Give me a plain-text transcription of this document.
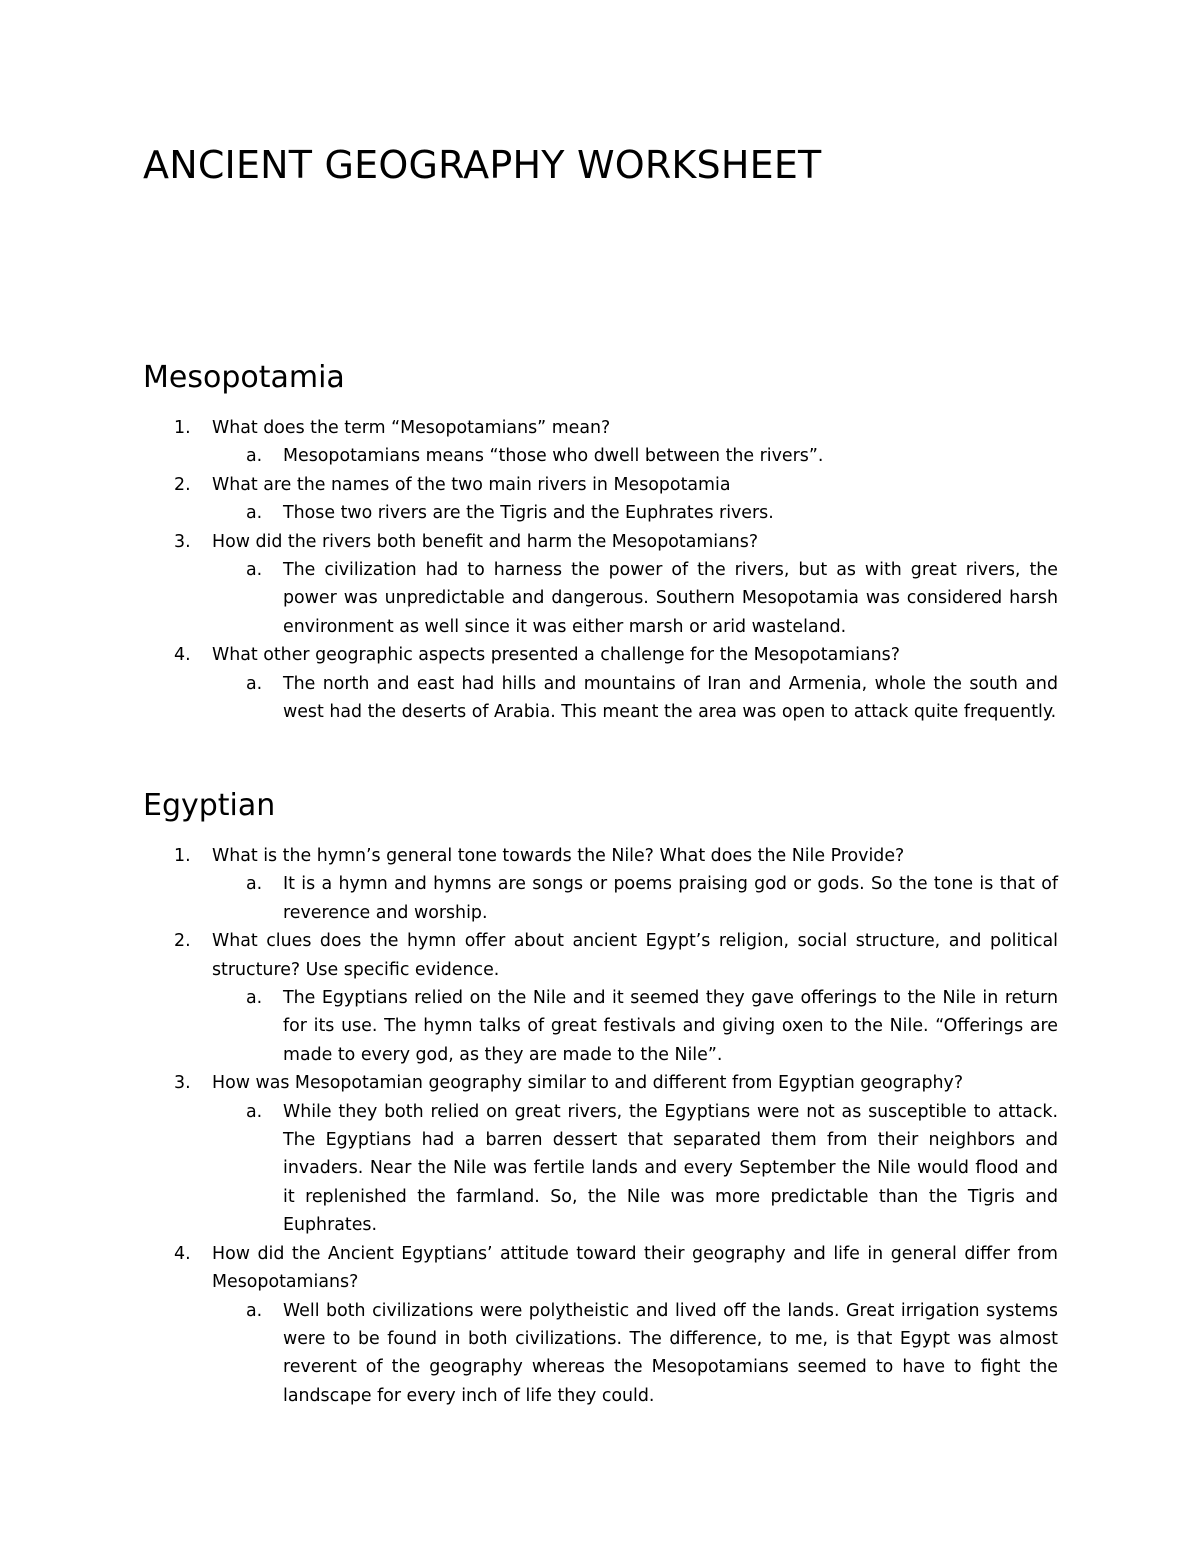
ANCIENT GEOGRAPHY WORKSHEET
Mesopotamia
1. What does the term “Mesopotamians” mean?
a. Mesopotamians means “those who dwell between the rivers”.
2. What are the names of the two main rivers in Mesopotamia
a. Those two rivers are the Tigris and the Euphrates rivers.
3. How did the rivers both benefit and harm the Mesopotamians?
a. The civilization had to harness the power of the rivers, but as with great rivers, the power was unpredictable and dangerous. Southern Mesopotamia was considered harsh environment as well since it was either marsh or arid wasteland.
4. What other geographic aspects presented a challenge for the Mesopotamians?
a. The north and east had hills and mountains of Iran and Armenia, whole the south and west had the deserts of Arabia. This meant the area was open to attack quite frequently.
Egyptian
1. What is the hymn’s general tone towards the Nile? What does the Nile Provide?
a. It is a hymn and hymns are songs or poems praising god or gods. So the tone is that of reverence and worship.
2. What clues does the hymn offer about ancient Egypt’s religion, social structure, and political structure? Use specific evidence.
a. The Egyptians relied on the Nile and it seemed they gave offerings to the Nile in return for its use. The hymn talks of great festivals and giving oxen to the Nile. “Offerings are made to every god, as they are made to the Nile”.
3. How was Mesopotamian geography similar to and different from Egyptian geography?
a. While they both relied on great rivers, the Egyptians were not as susceptible to attack. The Egyptians had a barren dessert that separated them from their neighbors and invaders. Near the Nile was fertile lands and every September the Nile would flood and it replenished the farmland. So, the Nile was more predictable than the Tigris and Euphrates.
4. How did the Ancient Egyptians’ attitude toward their geography and life in general differ from Mesopotamians?
a. Well both civilizations were polytheistic and lived off the lands. Great irrigation systems were to be found in both civilizations. The difference, to me, is that Egypt was almost reverent of the geography whereas the Mesopotamians seemed to have to fight the landscape for every inch of life they could.
